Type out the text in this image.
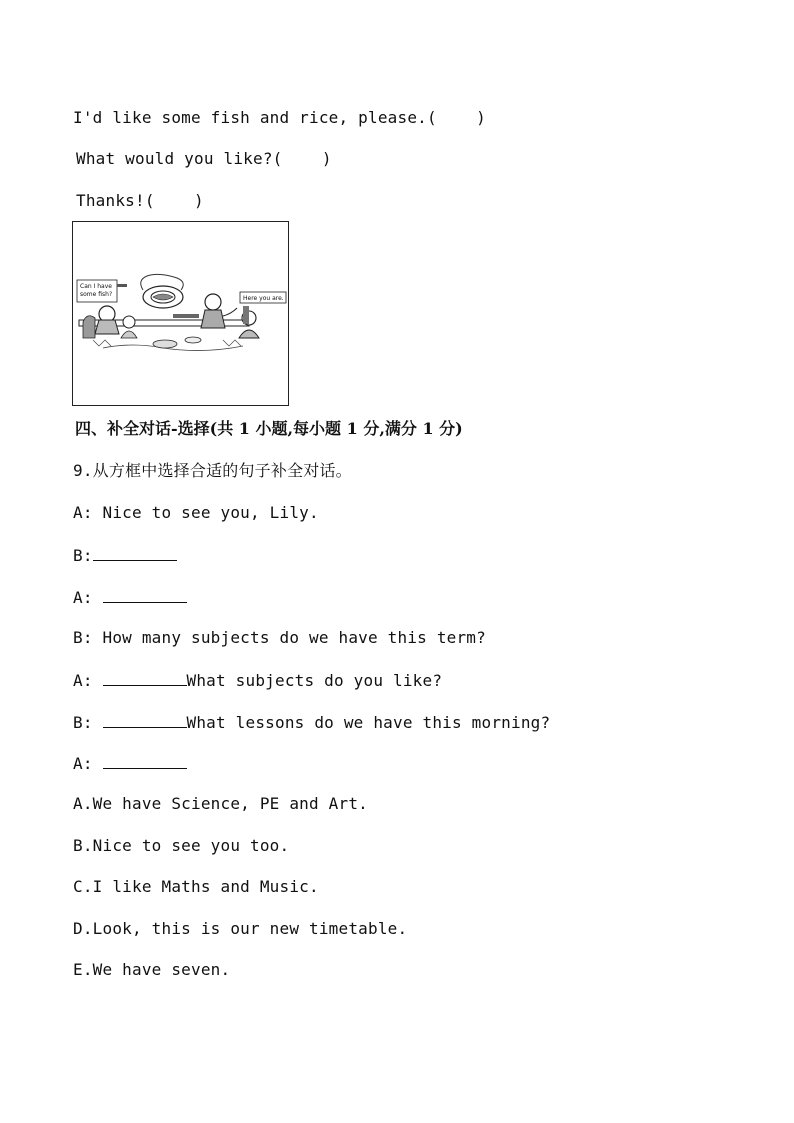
I'd like some fish and rice, please.(    )
What would you like?(    )
Thanks!(    )
Can I have some fish?
Here you are.
四、补全对话-选择(共 1 小题,每小题 1 分,满分 1 分)
9.从方框中选择合适的句子补全对话。
A: Nice to see you, Lily.
B:
A:
B: How many subjects do we have this term?
A:	What subjects do you like?
B:	What lessons do we have this morning?
A:
A.We have Science, PE and Art.
B.Nice to see you too.
C.I like Maths and Music.
D.Look, this is our new timetable.
E.We have seven.
